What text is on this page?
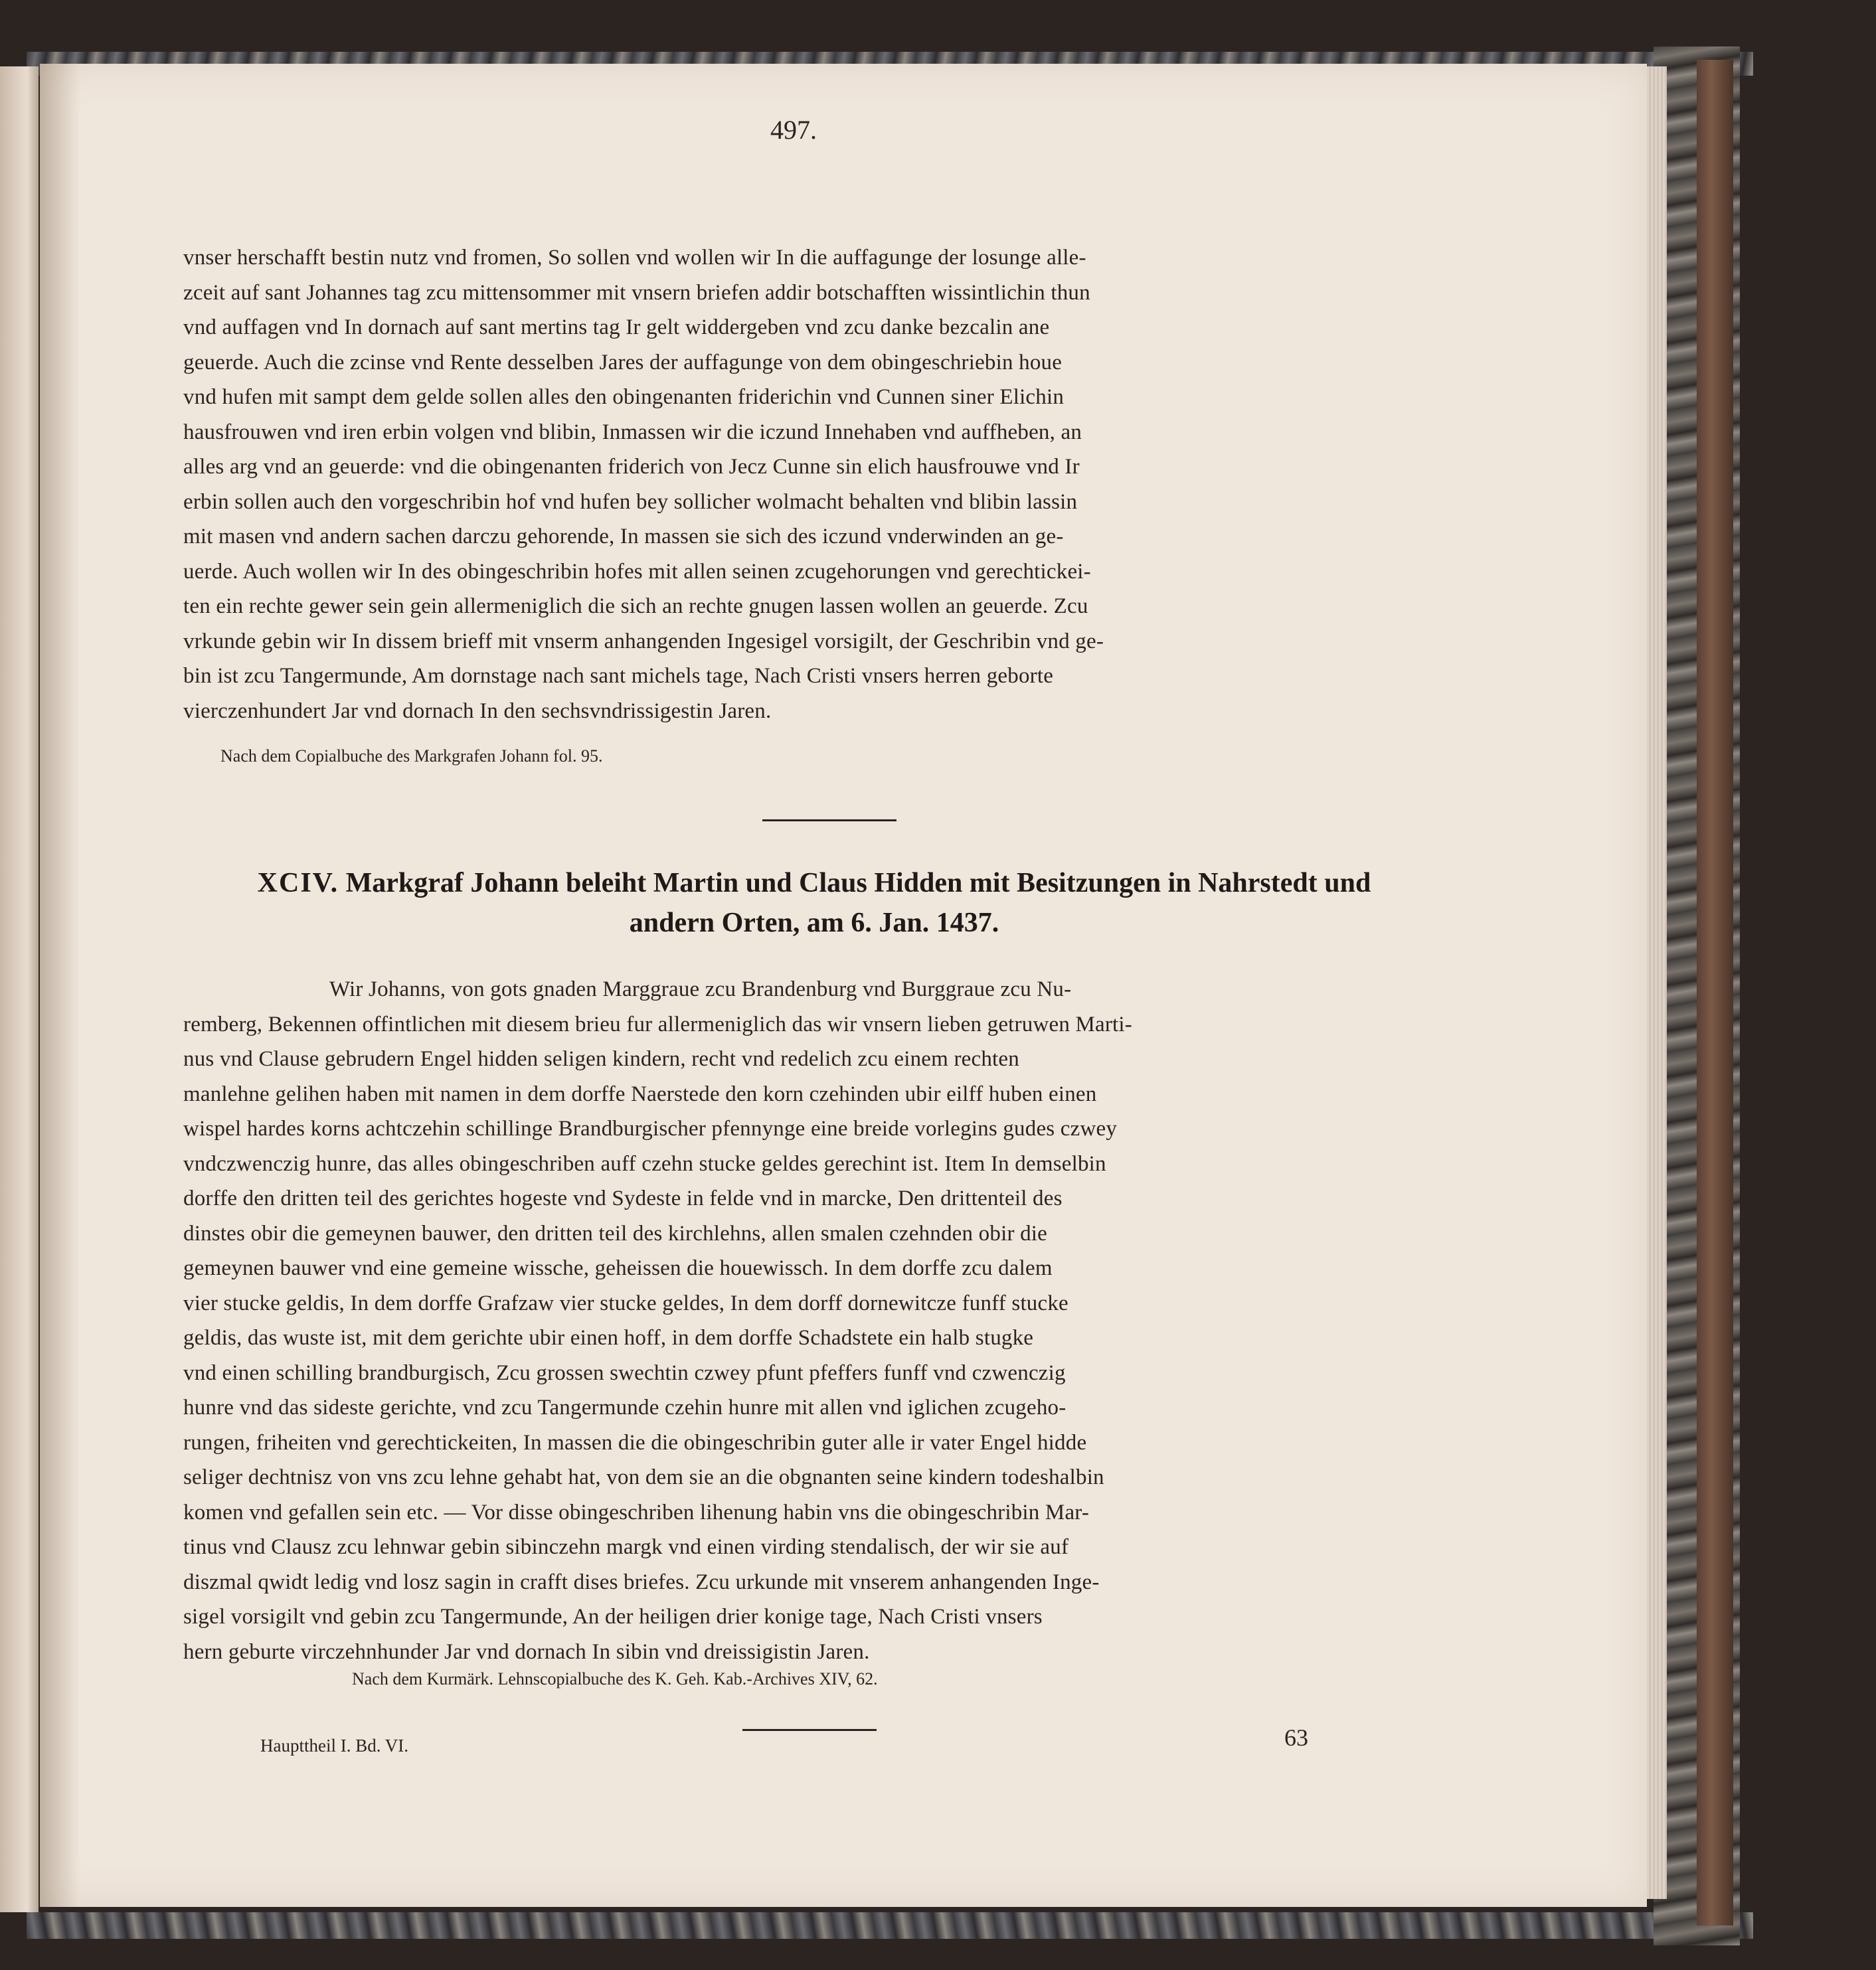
497.
vnser herschafft bestin nutz vnd fromen, So sollen vnd wollen wir In die auffagunge der losunge alle-
zceit auf sant Johannes tag zcu mittensommer mit vnsern briefen addir botschafften wissintlichin thun
vnd auffagen vnd In dornach auf sant mertins tag Ir gelt widdergeben vnd zcu danke bezcalin ane
geuerde. Auch die zcinse vnd Rente desselben Jares der auffagunge von dem obingeschriebin houe
vnd hufen mit sampt dem gelde sollen alles den obingenanten friderichin vnd Cunnen siner Elichin
hausfrouwen vnd iren erbin volgen vnd blibin, Inmassen wir die iczund Innehaben vnd auffheben, an
alles arg vnd an geuerde: vnd die obingenanten friderich von Jecz Cunne sin elich hausfrouwe vnd Ir
erbin sollen auch den vorgeschribin hof vnd hufen bey sollicher wolmacht behalten vnd blibin lassin
mit masen vnd andern sachen darczu gehorende, In massen sie sich des iczund vnderwinden an ge-
uerde. Auch wollen wir In des obingeschribin hofes mit allen seinen zcugehorungen vnd gerechtickei-
ten ein rechte gewer sein gein allermeniglich die sich an rechte gnugen lassen wollen an geuerde. Zcu
vrkunde gebin wir In dissem brieff mit vnserm anhangenden Ingesigel vorsigilt, der Geschribin vnd ge-
bin ist zcu Tangermunde, Am dornstage nach sant michels tage, Nach Cristi vnsers herren geborte
vierczenhundert Jar vnd dornach In den sechsvndrissigestin Jaren.
Nach dem Copialbuche des Markgrafen Johann fol. 95.
XCIV. Markgraf Johann beleiht Martin und Claus Hidden mit Besitzungen in Nahrstedt und
andern Orten, am 6. Jan. 1437.
Wir Johanns, von gots gnaden Marggraue zcu Brandenburg vnd Burggraue zcu Nu-
remberg, Bekennen offintlichen mit diesem brieu fur allermeniglich das wir vnsern lieben getruwen Marti-
nus vnd Clause gebrudern Engel hidden seligen kindern, recht vnd redelich zcu einem rechten
manlehne gelihen haben mit namen in dem dorffe Naerstede den korn czehinden ubir eilff huben einen
wispel hardes korns achtczehin schillinge Brandburgischer pfennynge eine breide vorlegins gudes czwey
vndczwenczig hunre, das alles obingeschriben auff czehn stucke geldes gerechint ist. Item In demselbin
dorffe den dritten teil des gerichtes hogeste vnd Sydeste in felde vnd in marcke, Den drittenteil des
dinstes obir die gemeynen bauwer, den dritten teil des kirchlehns, allen smalen czehnden obir die
gemeynen bauwer vnd eine gemeine wissche, geheissen die houewissch. In dem dorffe zcu dalem
vier stucke geldis, In dem dorffe Grafzaw vier stucke geldes, In dem dorff dornewitcze funff stucke
geldis, das wuste ist, mit dem gerichte ubir einen hoff, in dem dorffe Schadstete ein halb stugke
vnd einen schilling brandburgisch, Zcu grossen swechtin czwey pfunt pfeffers funff vnd czwenczig
hunre vnd das sideste gerichte, vnd zcu Tangermunde czehin hunre mit allen vnd iglichen zcugeho-
rungen, friheiten vnd gerechtickeiten, In massen die die obingeschribin guter alle ir vater Engel hidde
seliger dechtnisz von vns zcu lehne gehabt hat, von dem sie an die obgnanten seine kindern todeshalbin
komen vnd gefallen sein etc. — Vor disse obingeschriben lihenung habin vns die obingeschribin Mar-
tinus vnd Clausz zcu lehnwar gebin sibinczehn margk vnd einen virding stendalisch, der wir sie auf
diszmal qwidt ledig vnd losz sagin in crafft dises briefes. Zcu urkunde mit vnserem anhangenden Inge-
sigel vorsigilt vnd gebin zcu Tangermunde, An der heiligen drier konige tage, Nach Cristi vnsers
hern geburte virczehnhunder Jar vnd dornach In sibin vnd dreissigistin Jaren.
Nach dem Kurmärk. Lehnscopialbuche des K. Geh. Kab.-Archives XIV, 62.
Haupttheil I. Bd. VI.	63
